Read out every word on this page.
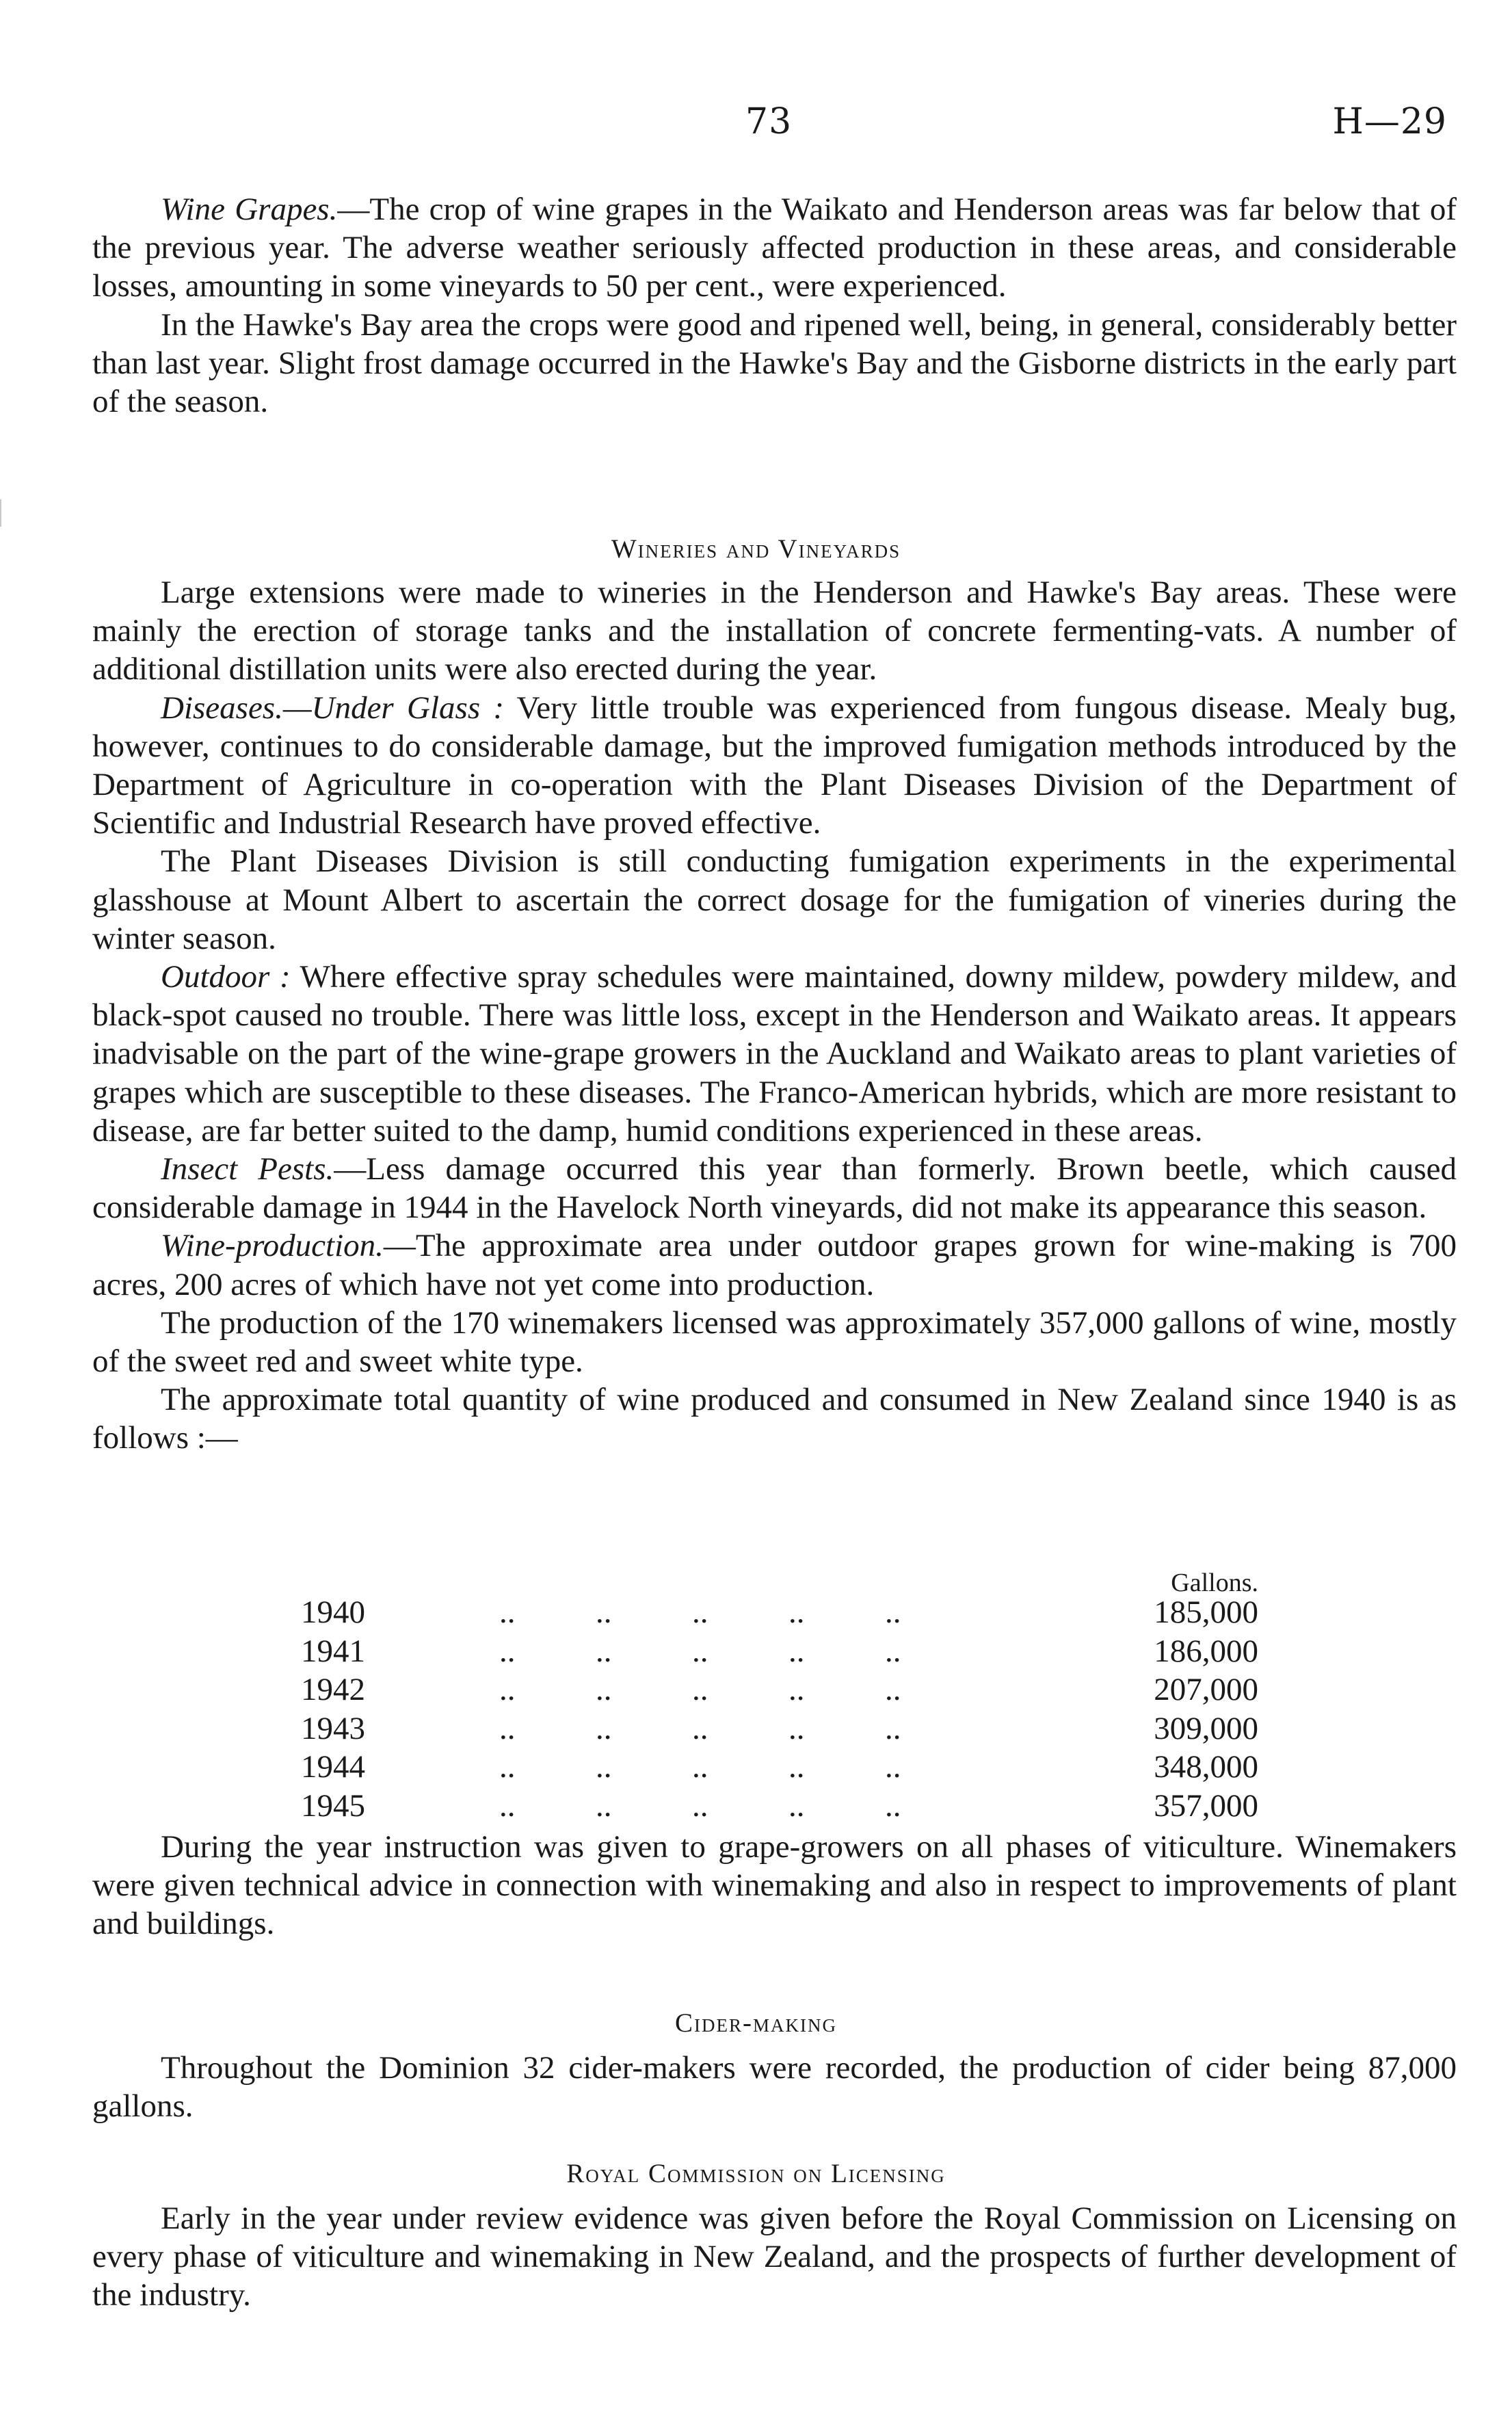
73	H—29

Wine Grapes.—The crop of wine grapes in the Waikato and Henderson areas was far below that of the previous year. The adverse weather seriously affected production in these areas, and considerable losses, amounting in some vineyards to 50 per cent., were experienced.

In the Hawke's Bay area the crops were good and ripened well, being, in general, considerably better than last year. Slight frost damage occurred in the Hawke's Bay and the Gisborne districts in the early part of the season.

Wineries and Vineyards

Large extensions were made to wineries in the Henderson and Hawke's Bay areas. These were mainly the erection of storage tanks and the installation of concrete fermenting-vats. A number of additional distillation units were also erected during the year.

Diseases.—Under Glass : Very little trouble was experienced from fungous disease. Mealy bug, however, continues to do considerable damage, but the improved fumigation methods introduced by the Department of Agriculture in co-operation with the Plant Diseases Division of the Department of Scientific and Industrial Research have proved effective.

The Plant Diseases Division is still conducting fumigation experiments in the experimental glasshouse at Mount Albert to ascertain the correct dosage for the fumigation of vineries during the winter season.

Outdoor : Where effective spray schedules were maintained, downy mildew, powdery mildew, and black-spot caused no trouble. There was little loss, except in the Henderson and Waikato areas. It appears inadvisable on the part of the wine-grape growers in the Auckland and Waikato areas to plant varieties of grapes which are susceptible to these diseases. The Franco-American hybrids, which are more resistant to disease, are far better suited to the damp, humid conditions experienced in these areas.

Insect Pests.—Less damage occurred this year than formerly. Brown beetle, which caused considerable damage in 1944 in the Havelock North vineyards, did not make its appearance this season.

Wine-production.—The approximate area under outdoor grapes grown for wine-making is 700 acres, 200 acres of which have not yet come into production.

The production of the 170 winemakers licensed was approximately 357,000 gallons of wine, mostly of the sweet red and sweet white type.

The approximate total quantity of wine produced and consumed in New Zealand since 1940 is as follows :—

Gallons.
1940	..          ..          ..          ..          ..	185,000
1941	..          ..          ..          ..          ..	186,000
1942	..          ..          ..          ..          ..	207,000
1943	..          ..          ..          ..          ..	309,000
1944	..          ..          ..          ..          ..	348,000
1945	..          ..          ..          ..          ..	357,000

During the year instruction was given to grape-growers on all phases of viticulture. Winemakers were given technical advice in connection with winemaking and also in respect to improvements of plant and buildings.

Cider-making

Throughout the Dominion 32 cider-makers were recorded, the production of cider being 87,000 gallons.

Royal Commission on Licensing

Early in the year under review evidence was given before the Royal Commission on Licensing on every phase of viticulture and winemaking in New Zealand, and the prospects of further development of the industry.
